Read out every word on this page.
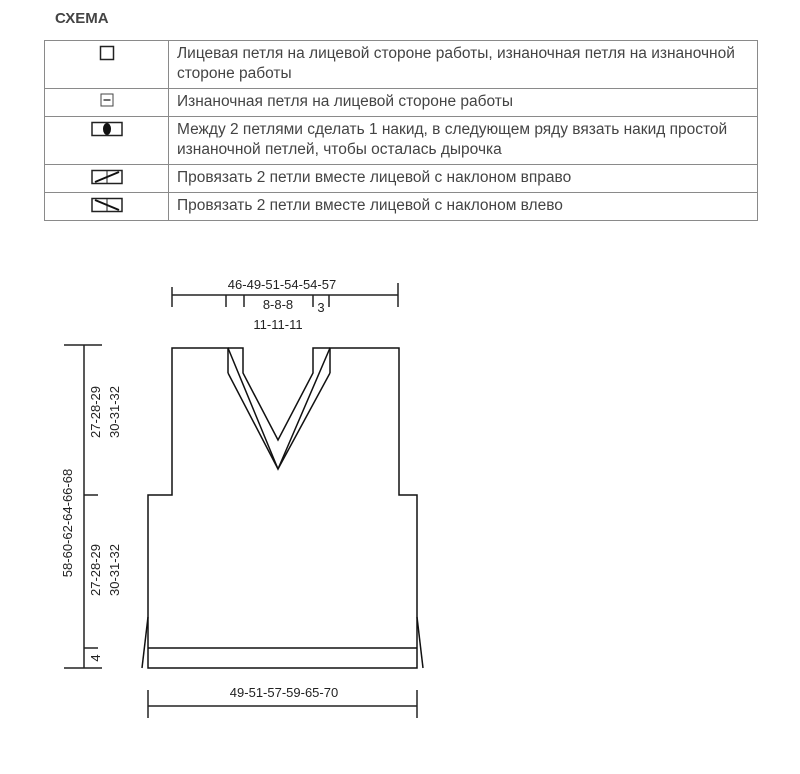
СХЕМА
	Лицевая петля на лицевой стороне работы, изнаночная петля на изнаночной стороне работы

	Изнаночная петля на лицевой стороне работы

	Между 2 петлями сделать 1 накид, в следующем ряду вязать накид простой изнаночной петлей, чтобы осталась дырочка

	Провязать 2 петли вместе лицевой с наклоном вправо

	Провязать 2 петли вместе лицевой с наклоном влево
46-49-51-54-54-57
8-8-8 3
11-11-11
27-28-29 30-31-32
27-28-29 30-31-32
58-60-62-64-66-68
4
49-51-57-59-65-70
